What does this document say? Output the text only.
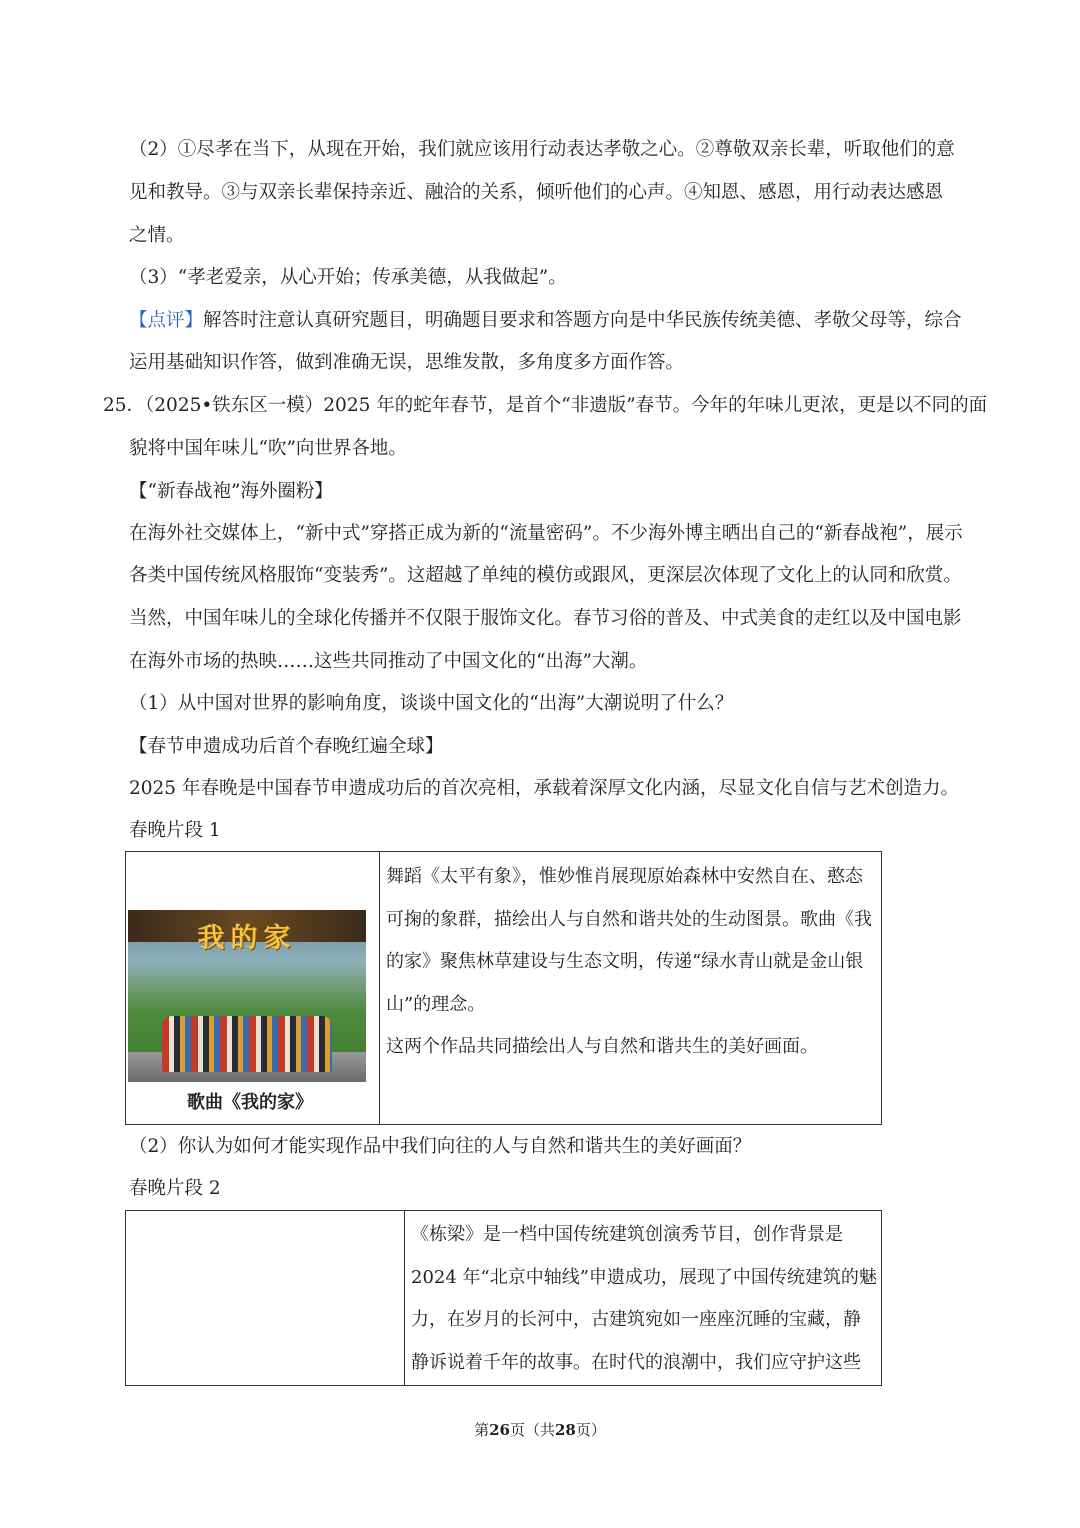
（2）①尽孝在当下，从现在开始，我们就应该用行动表达孝敬之心。②尊敬双亲长辈，听取他们的意
见和教导。③与双亲长辈保持亲近、融洽的关系，倾听他们的心声。④知恩、感恩，用行动表达感恩
之情。
（3）“孝老爱亲，从心开始；传承美德，从我做起”。
【点评】解答时注意认真研究题目，明确题目要求和答题方向是中华民族传统美德、孝敬父母等，综合
运用基础知识作答，做到准确无误，思维发散，多角度多方面作答。
25．（2025•铁东区一模）2025 年的蛇年春节，是首个“非遗版”春节。今年的年味儿更浓，更是以不同的面
貌将中国年味儿“吹”向世界各地。
【“新春战袍”海外圈粉】
在海外社交媒体上，“新中式”穿搭正成为新的“流量密码”。不少海外博主晒出自己的“新春战袍”，展示
各类中国传统风格服饰“变装秀”。这超越了单纯的模仿或跟风，更深层次体现了文化上的认同和欣赏。
当然，中国年味儿的全球化传播并不仅限于服饰文化。春节习俗的普及、中式美食的走红以及中国电影
在海外市场的热映……这些共同推动了中国文化的“出海”大潮。
（1）从中国对世界的影响角度，谈谈中国文化的“出海”大潮说明了什么？
【春节申遗成功后首个春晚红遍全球】
2025 年春晚是中国春节申遗成功后的首次亮相，承载着深厚文化内涵，尽显文化自信与艺术创造力。
春晚片段 1
我的家
歌曲《我的家》

舞蹈《太平有象》，惟妙惟肖展现原始森林中安然自在、憨态
可掬的象群，描绘出人与自然和谐共处的生动图景。歌曲《我
的家》聚焦林草建设与生态文明，传递“绿水青山就是金山银
山”的理念。
这两个作品共同描绘出人与自然和谐共生的美好画面。
（2）你认为如何才能实现作品中我们向往的人与自然和谐共生的美好画面？
春晚片段 2

《栋梁》是一档中国传统建筑创演秀节目，创作背景是
2024 年“北京中轴线”申遗成功，展现了中国传统建筑的魅
力，在岁月的长河中，古建筑宛如一座座沉睡的宝藏，静
静诉说着千年的故事。在时代的浪潮中，我们应守护这些
第26页（共28页）
